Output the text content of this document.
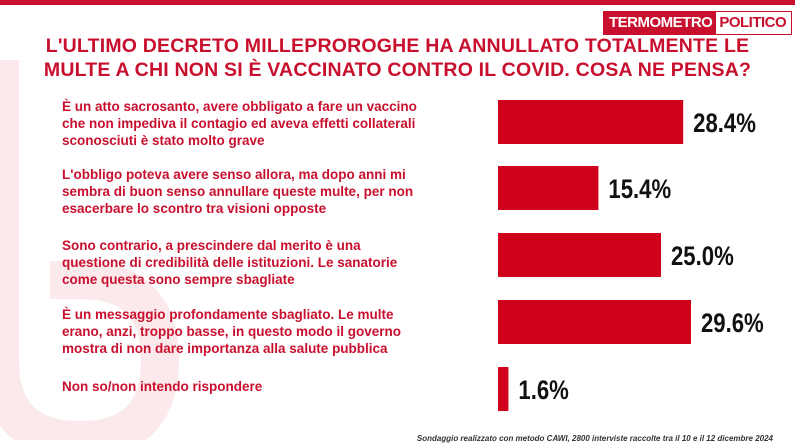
TERMOMETRO POLITICO
L'ULTIMO DECRETO MILLEPROROGHE HA ANNULLATO TOTALMENTE LE
MULTE A CHI NON SI È VACCINATO CONTRO IL COVID. COSA NE PENSA?
È un atto sacrosanto, avere obbligato a fare un vaccino
che non impediva il contagio ed aveva effetti collaterali
sconosciuti è stato molto grave
L'obbligo poteva avere senso allora, ma dopo anni mi
sembra di buon senso annullare queste multe, per non
esacerbare lo scontro tra visioni opposte
Sono contrario, a prescindere dal merito è una
questione di credibilità delle istituzioni. Le sanatorie
come questa sono sempre sbagliate
È un messaggio profondamente sbagliato. Le multe
erano, anzi, troppo basse, in questo modo il governo
mostra di non dare importanza alla salute pubblica
Non so/non intendo rispondere
28.4%
15.4%
25.0%
29.6%
1.6%
Sondaggio realizzato con metodo CAWI, 2800 interviste raccolte tra il 10 e il 12 dicembre 2024
